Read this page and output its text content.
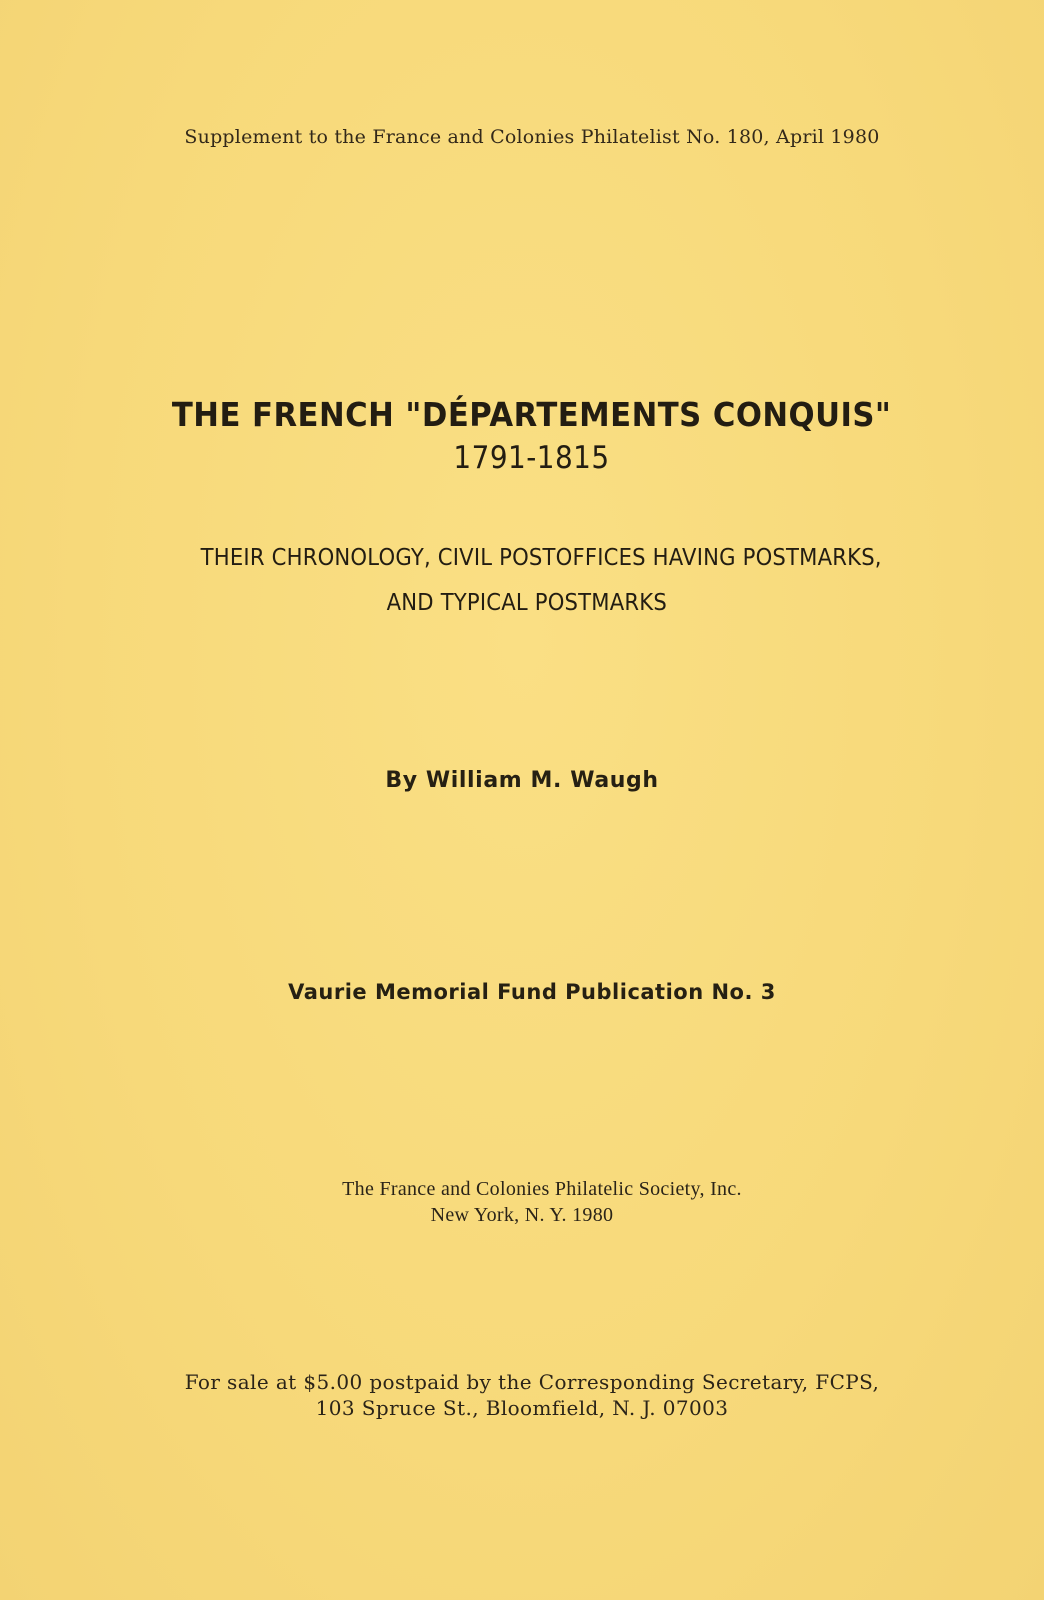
Supplement to the France and Colonies Philatelist No. 180, April 1980
THE FRENCH "DÉPARTEMENTS CONQUIS"
1791-1815
THEIR CHRONOLOGY, CIVIL POSTOFFICES HAVING POSTMARKS,
AND TYPICAL POSTMARKS
By William M. Waugh
Vaurie Memorial Fund Publication No. 3
The France and Colonies Philatelic Society, Inc.
New York, N. Y. 1980
For sale at $5.00 postpaid by the Corresponding Secretary, FCPS,
103 Spruce St., Bloomfield, N. J. 07003
